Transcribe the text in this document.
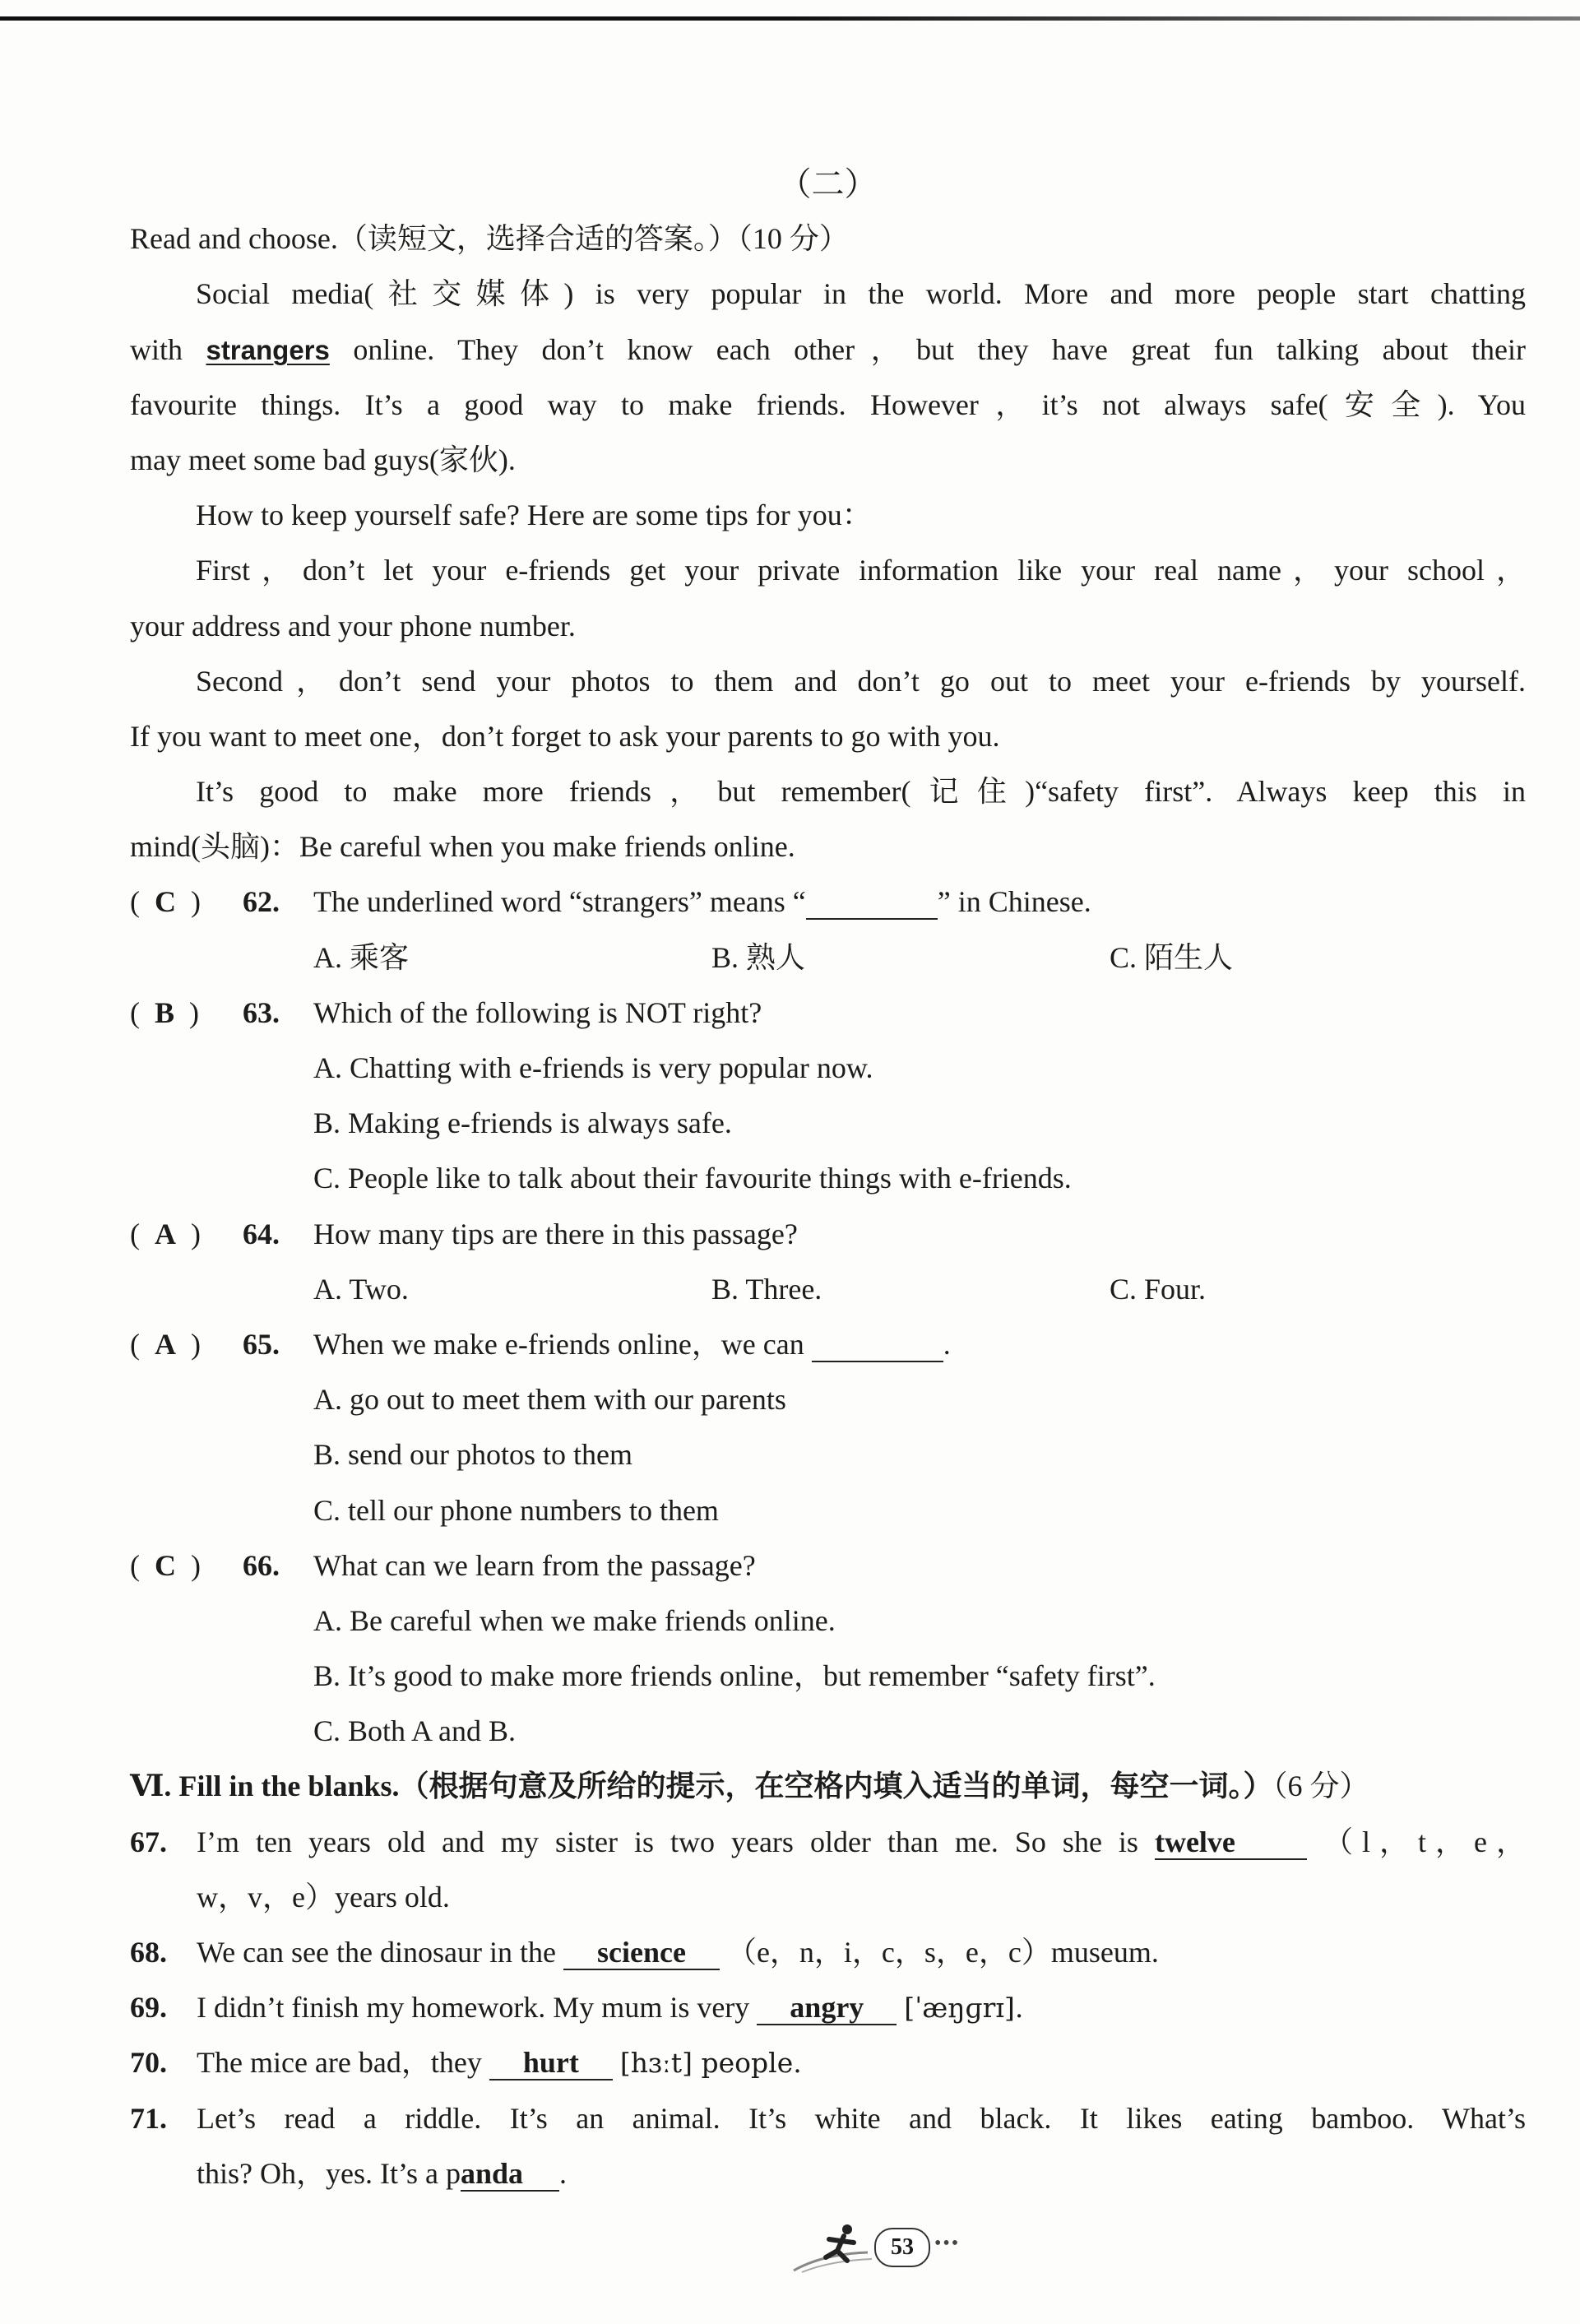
（二）
Read and choose.（读短文，选择合适的答案。）（10 分）
Social media(社交媒体) is very popular in the world. More and more people start chatting
with strangers online. They don’t know each other，but they have great fun talking about their
favourite things. It’s a good way to make friends. However，it’s not always safe(安全). You
may meet some bad guys(家伙).
How to keep yourself safe? Here are some tips for you：
First，don’t let your e-friends get your private information like your real name，your school，
your address and your phone number.
Second，don’t send your photos to them and don’t go out to meet your e-friends by yourself.
If you want to meet one，don’t forget to ask your parents to go with you.
It’s good to make more friends，but remember(记住)“safety first”. Always keep this in
mind(头脑)：Be careful when you make friends online.
(  C  ) 62. The underlined word “strangers” means “	” in Chinese.
A. 乘客	B. 熟人	C. 陌生人
(  B  ) 63. Which of the following is NOT right?
A. Chatting with e-friends is very popular now.
B. Making e-friends is always safe.
C. People like to talk about their favourite things with e-friends.
(  A  ) 64. How many tips are there in this passage?
A. Two.	B. Three.	C. Four.
(  A  ) 65. When we make e-friends online，we can	.
A. go out to meet them with our parents
B. send our photos to them
C. tell our phone numbers to them
(  C  ) 66. What can we learn from the passage?
A. Be careful when we make friends online.
B. It’s good to make more friends online，but remember “safety first”.
C. Both A and B.
Ⅵ. Fill in the blanks.（根据句意及所给的提示，在空格内填入适当的单词，每空一词。）（6 分）
67. I’m ten years old and my sister is two years older than me. So she is twelve	（l，t，e，
w，v，e）years old.
68. We can see the dinosaur in the science （e，n，i，c，s，e，c）museum.
69. I didn’t finish my homework. My mum is very angry [ˈæŋɡrɪ].
70. The mice are bad，they hurt [hɜːt] people.
71. Let’s read a riddle. It’s an animal. It’s white and black. It likes eating bamboo. What’s
this? Oh，yes. It’s a panda .
53	•••
